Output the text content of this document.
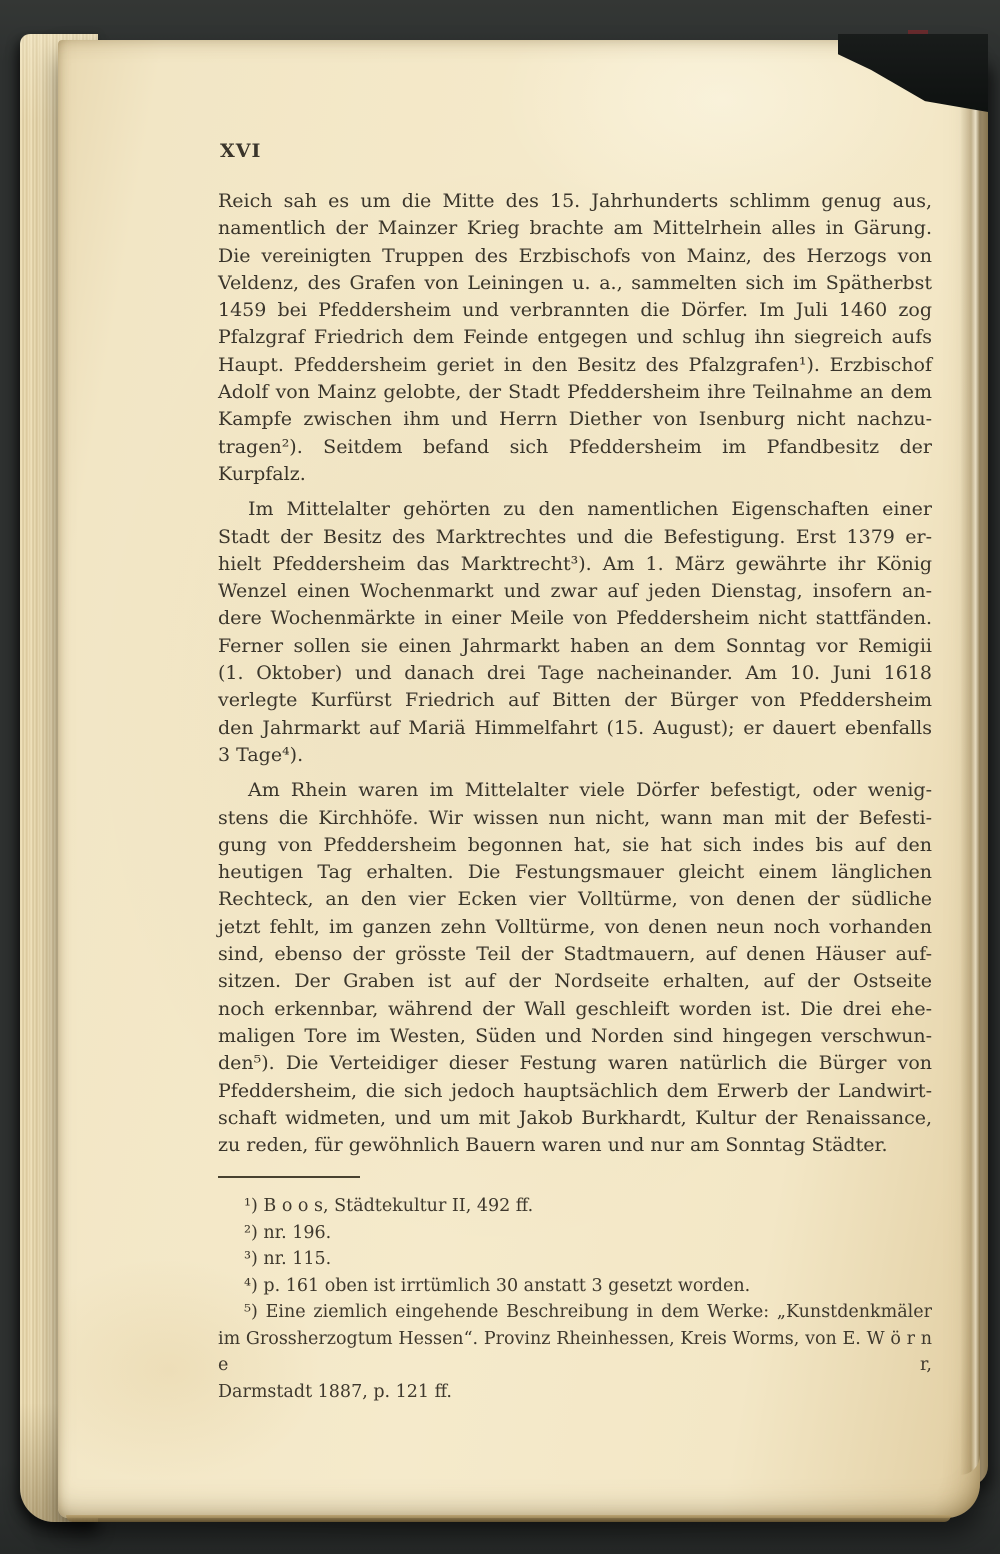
XVI
Reich sah es um die Mitte des 15. Jahrhunderts schlimm genug aus,
namentlich der Mainzer Krieg brachte am Mittelrhein alles in Gärung.
Die vereinigten Truppen des Erzbischofs von Mainz, des Herzogs von
Veldenz, des Grafen von Leiningen u. a., sammelten sich im Spätherbst
1459 bei Pfeddersheim und verbrannten die Dörfer. Im Juli 1460 zog
Pfalzgraf Friedrich dem Feinde entgegen und schlug ihn siegreich aufs
Haupt. Pfeddersheim geriet in den Besitz des Pfalzgrafen¹). Erzbischof
Adolf von Mainz gelobte, der Stadt Pfeddersheim ihre Teilnahme an dem
Kampfe zwischen ihm und Herrn Diether von Isenburg nicht nachzu-
tragen²). Seitdem befand sich Pfeddersheim im Pfandbesitz der
Kurpfalz.
Im Mittelalter gehörten zu den namentlichen Eigenschaften einer
Stadt der Besitz des Marktrechtes und die Befestigung. Erst 1379 er-
hielt Pfeddersheim das Marktrecht³). Am 1. März gewährte ihr König
Wenzel einen Wochenmarkt und zwar auf jeden Dienstag, insofern an-
dere Wochenmärkte in einer Meile von Pfeddersheim nicht stattfänden.
Ferner sollen sie einen Jahrmarkt haben an dem Sonntag vor Remigii
(1. Oktober) und danach drei Tage nacheinander. Am 10. Juni 1618
verlegte Kurfürst Friedrich auf Bitten der Bürger von Pfeddersheim
den Jahrmarkt auf Mariä Himmelfahrt (15. August); er dauert ebenfalls
3 Tage⁴).
Am Rhein waren im Mittelalter viele Dörfer befestigt, oder wenig-
stens die Kirchhöfe. Wir wissen nun nicht, wann man mit der Befesti-
gung von Pfeddersheim begonnen hat, sie hat sich indes bis auf den
heutigen Tag erhalten. Die Festungsmauer gleicht einem länglichen
Rechteck, an den vier Ecken vier Volltürme, von denen der südliche
jetzt fehlt, im ganzen zehn Volltürme, von denen neun noch vorhanden
sind, ebenso der grösste Teil der Stadtmauern, auf denen Häuser auf-
sitzen. Der Graben ist auf der Nordseite erhalten, auf der Ostseite
noch erkennbar, während der Wall geschleift worden ist. Die drei ehe-
maligen Tore im Westen, Süden und Norden sind hingegen verschwun-
den⁵). Die Verteidiger dieser Festung waren natürlich die Bürger von
Pfeddersheim, die sich jedoch hauptsächlich dem Erwerb der Landwirt-
schaft widmeten, und um mit Jakob Burkhardt, Kultur der Renaissance,
zu reden, für gewöhnlich Bauern waren und nur am Sonntag Städter.
¹) B o o s, Städtekultur II, 492 ff.
²) nr. 196.
³) nr. 115.
⁴) p. 161 oben ist irrtümlich 30 anstatt 3 gesetzt worden.
⁵) Eine ziemlich eingehende Beschreibung in dem Werke: „Kunstdenkmäler
im Grossherzogtum Hessen“. Provinz Rheinhessen, Kreis Worms, von E. W ö r n e r,
Darmstadt 1887, p. 121 ff.
